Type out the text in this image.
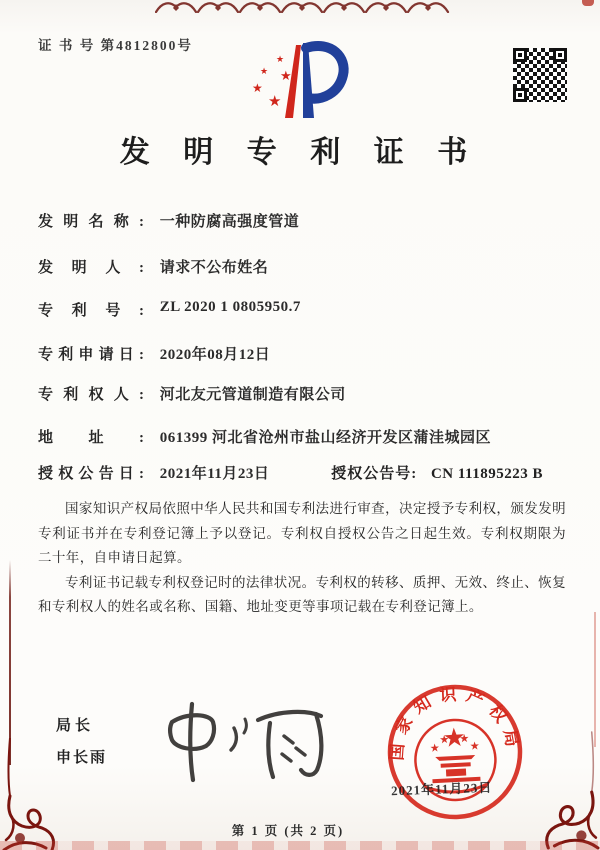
证 书 号 第4812800号
★
★
★
★
★
发 明 专 利 证 书
发明名称: 一种防腐高强度管道
发明人: 请求不公布姓名
专利号: ZL 2020 1 0805950.7
专利申请日: 2020年08月12日
专利权人: 河北友元管道制造有限公司
地址: 061399 河北省沧州市盐山经济开发区蒲洼城园区
授权公告日: 2021年11月23日	授权公告号: CN 111895223 B

国家知识产权局依照中华人民共和国专利法进行审查，决定授予专利权，颁发发明专利证书并在专利登记簿上予以登记。专利权自授权公告之日起生效。专利权期限为二十年，自申请日起算。

专利证书记载专利权登记时的法律状况。专利权的转移、质押、无效、终止、恢复和专利权人的姓名或名称、国籍、地址变更等事项记载在专利登记簿上。

局长
申长雨	国家知识产权局
2021年11月23日
第 1 页 (共 2 页)
